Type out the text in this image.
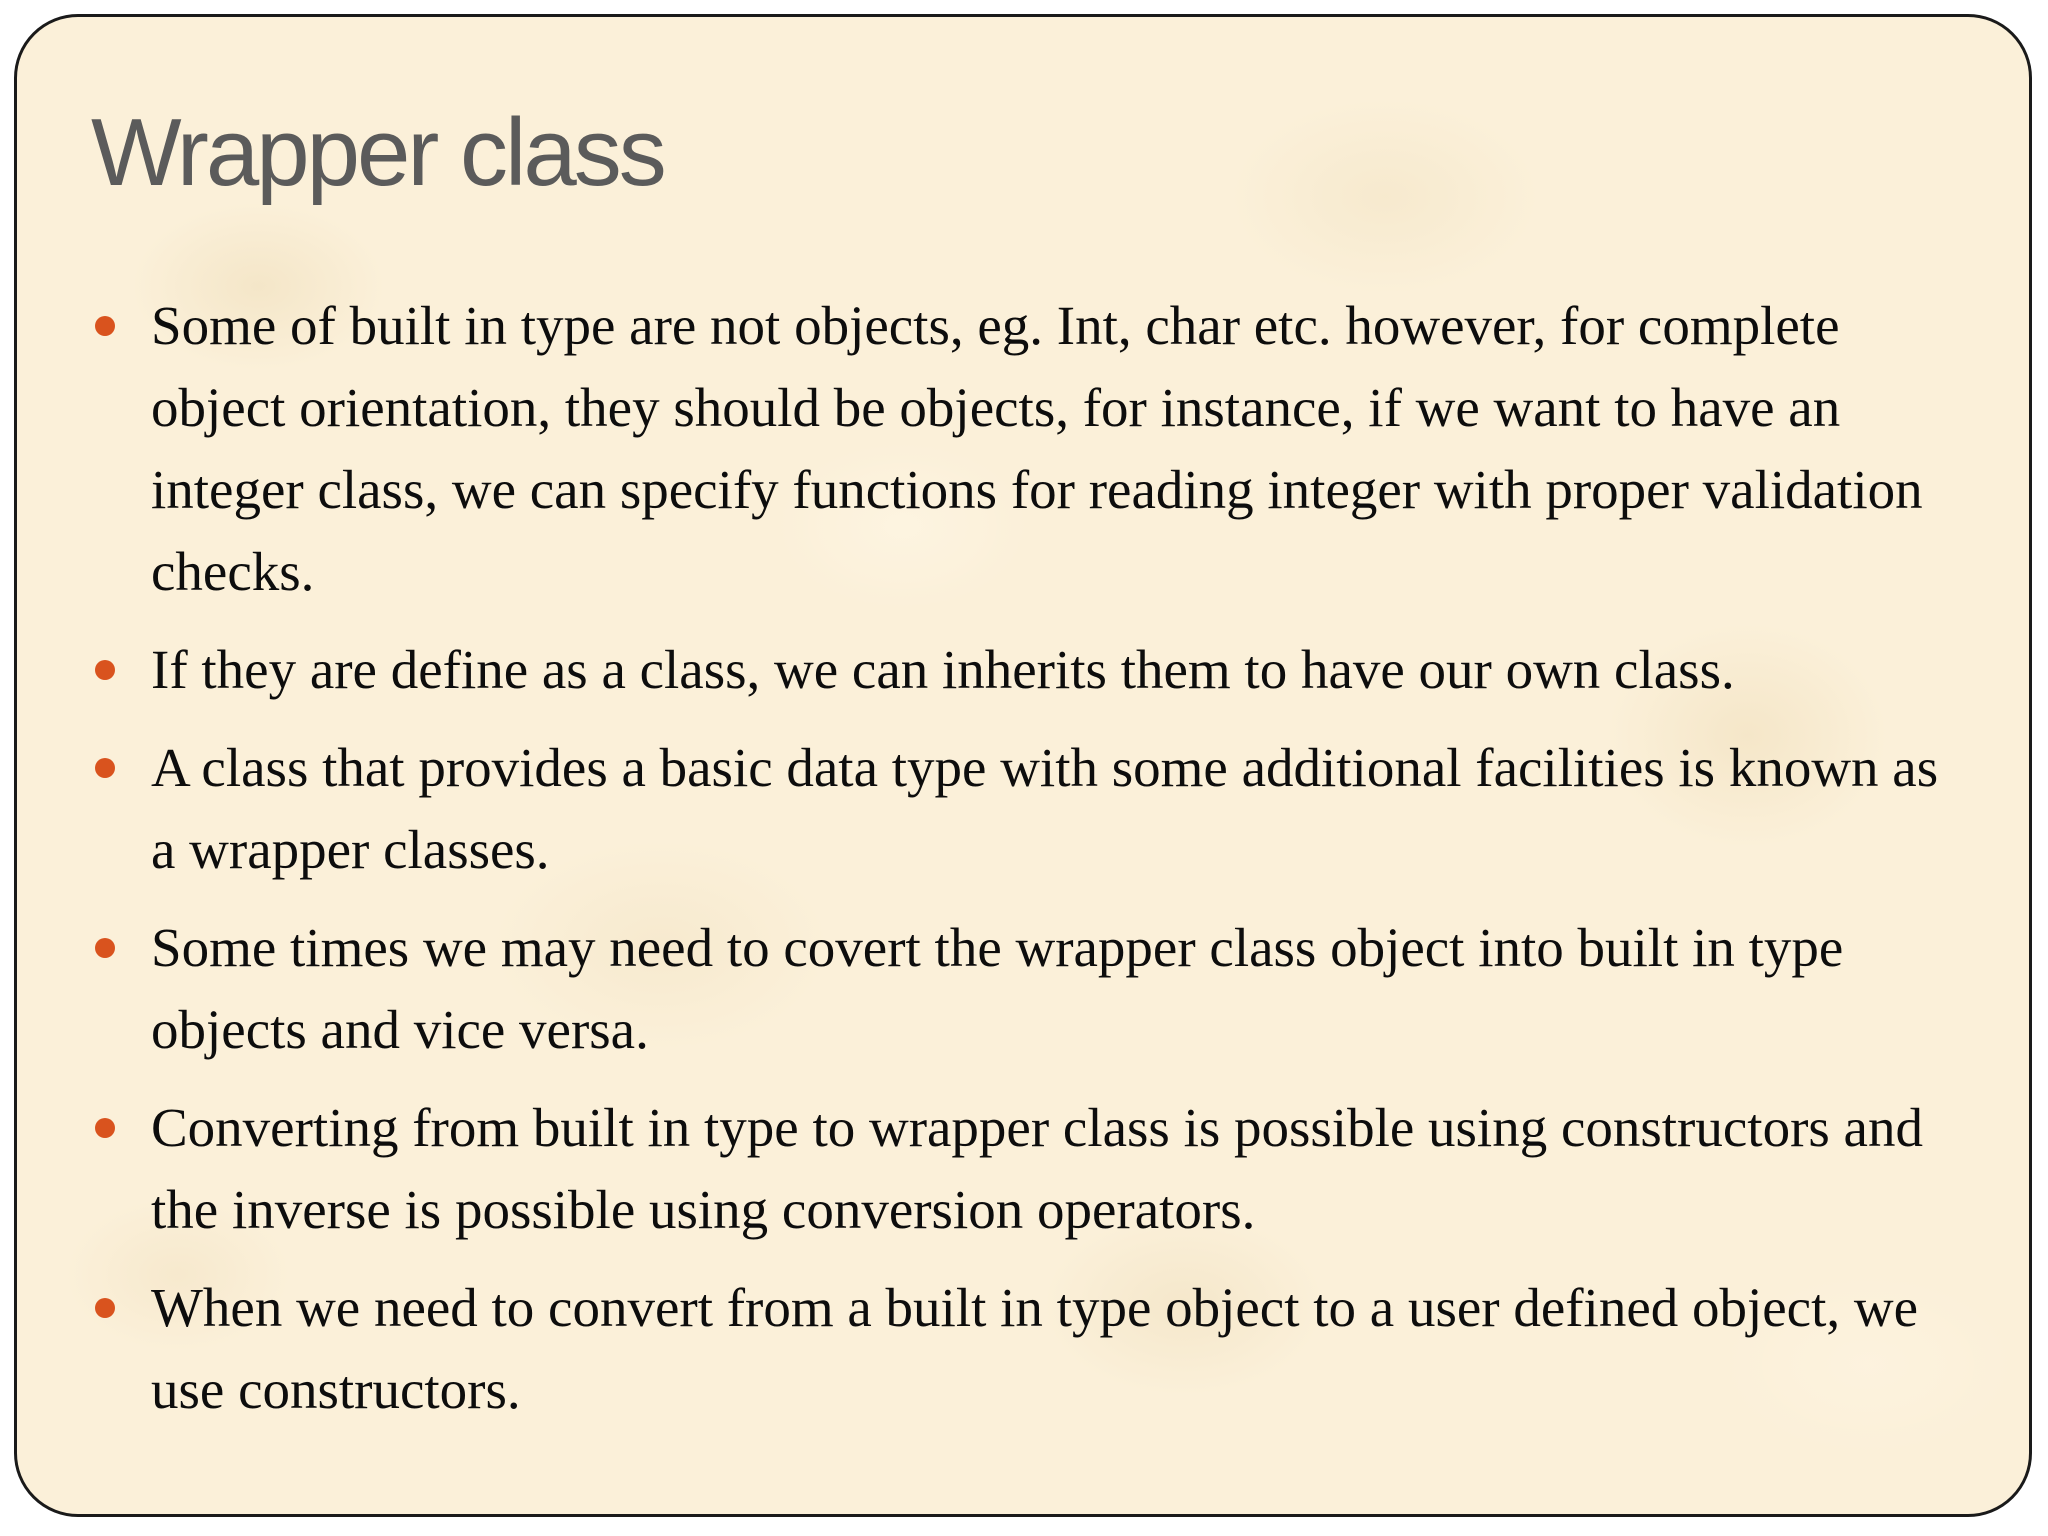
Wrapper class
Some of built in type are not objects, eg. Int, char etc. however, for complete object orientation, they should be objects, for instance, if we want to have an integer class, we can specify functions for reading integer with proper validation checks.
If they are define as a class, we can inherits them to have our own class.
A class that provides a basic data type with some additional facilities is known as a wrapper classes.
Some times we may need to covert the wrapper class object into built in type objects and vice versa.
Converting from built in type to wrapper class is possible using constructors and the inverse is possible using conversion operators.
When we need to convert from a built in type object to a user defined object, we use constructors.
